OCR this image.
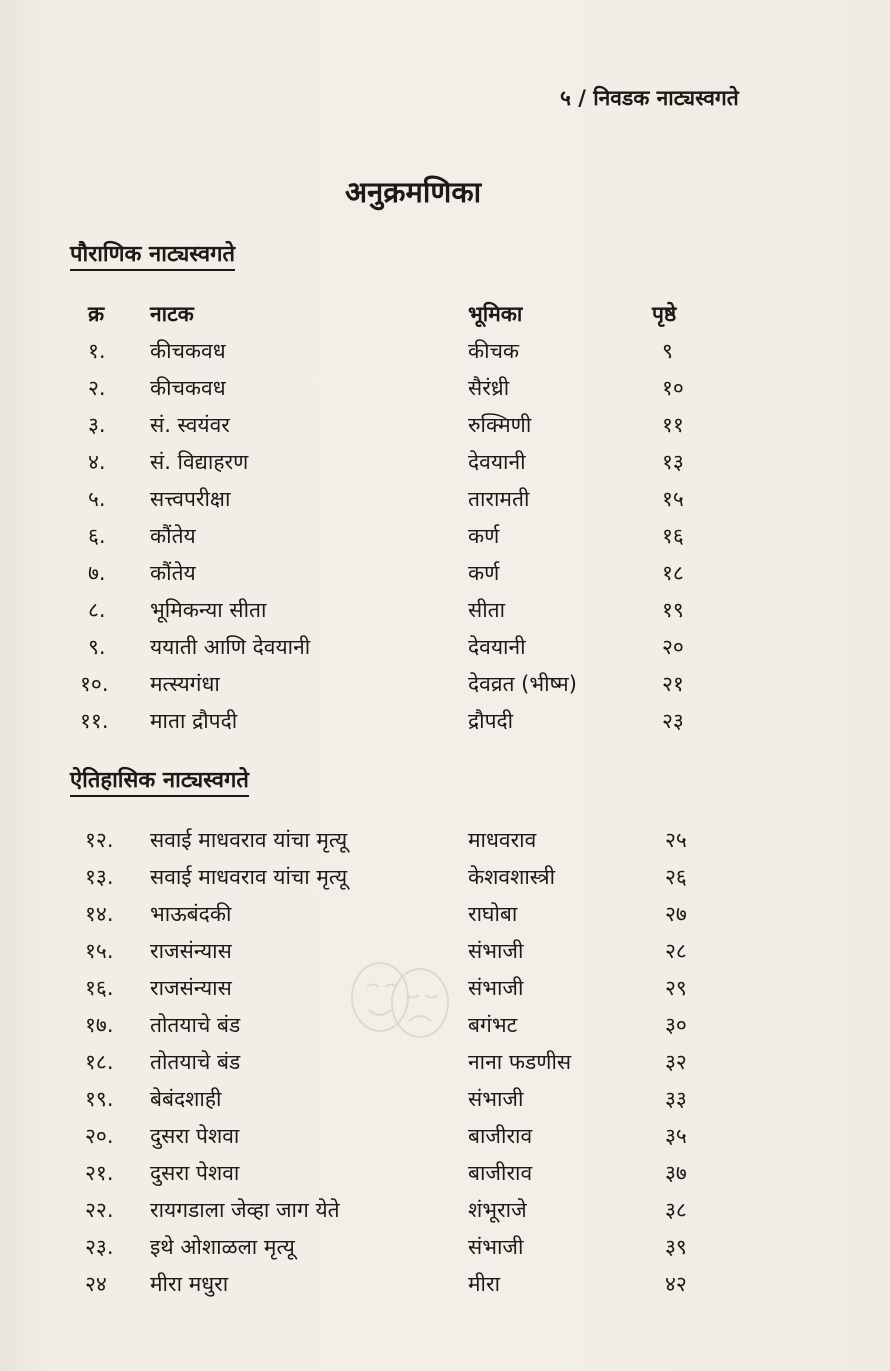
५ / निवडक नाट्यस्वगते
अनुक्रमणिका
पौराणिक नाट्यस्वगते
क्र नाटक	भूमिका	पृष्ठे
१. कीचकवध	कीचक	९
२. कीचकवध	सैरंध्री	१०
३. सं. स्वयंवर	रुक्मिणी	११
४. सं. विद्याहरण	देवयानी	१३
५. सत्त्वपरीक्षा	तारामती	१५
६. कौंतेय	कर्ण	१६
७. कौंतेय	कर्ण	१८
८. भूमिकन्या सीता	सीता	१९
९. ययाती आणि देवयानी	देवयानी	२०
१०. मत्स्यगंधा	देवव्रत (भीष्म)	२१
११. माता द्रौपदी	द्रौपदी	२३
ऐतिहासिक नाट्यस्वगते
१२. सवाई माधवराव यांचा मृत्यू	माधवराव	२५
१३. सवाई माधवराव यांचा मृत्यू	केशवशास्त्री	२६
१४. भाऊबंदकी	राघोबा	२७
१५. राजसंन्यास	संभाजी	२८
१६. राजसंन्यास	संभाजी	२९
१७. तोतयाचे बंड	बगंभट	३०
१८. तोतयाचे बंड	नाना फडणीस	३२
१९. बेबंदशाही	संभाजी	३३
२०. दुसरा पेशवा	बाजीराव	३५
२१. दुसरा पेशवा	बाजीराव	३७
२२. रायगडाला जेव्हा जाग येते	शंभूराजे	३८
२३. इथे ओशाळला मृत्यू	संभाजी	३९
२४ मीरा मधुरा	मीरा	४२
